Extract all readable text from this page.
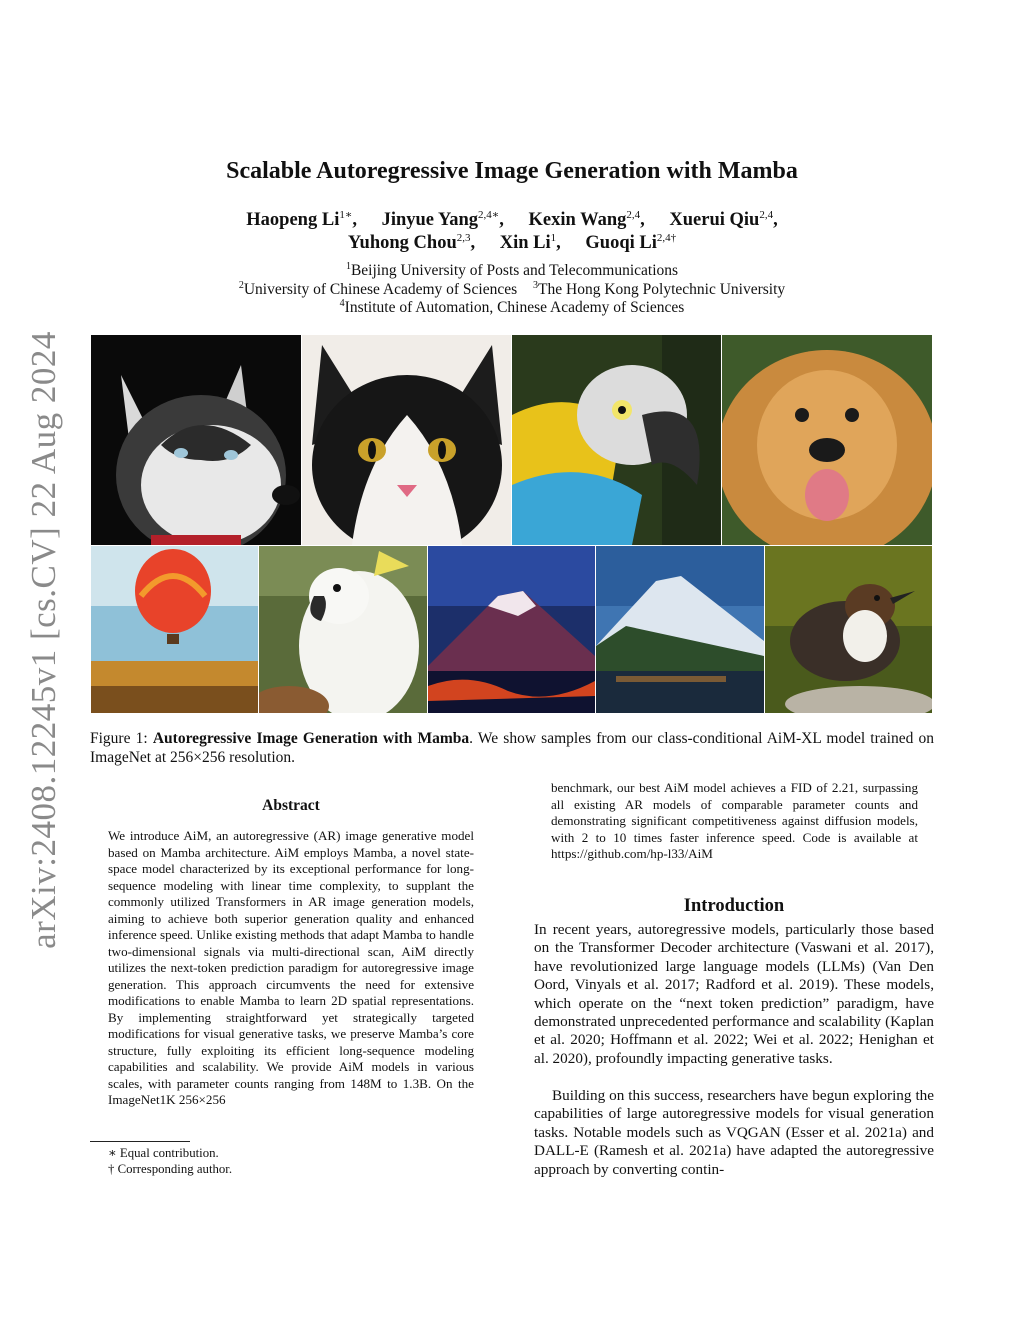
arXiv:2408.12245v1 [cs.CV] 22 Aug 2024
Scalable Autoregressive Image Generation with Mamba
Haopeng $Li^{1∗}$, Jinyue Yang$^{2,4∗}$, Kexin Wang$^{2,4}$, Xuerui Qiu$^{2,4}$,
Yuhong Chou$^{2,3}$, Xin Li$^1$, Guoqi $Li^{2,4\dagger}$
$^1$Beijing University of Posts and Telecommunications
$^2$University of Chinese Academy of Sciences $^3$The Hong Kong Polytechnic University
$^4$Institute of Automation, Chinese Academy of Sciences
Figure 1: Autoregressive Image Generation with Mamba. We show samples from our class-conditional AiM-XL model trained on ImageNet at 256×256 resolution.
Abstract
We introduce AiM, an autoregressive (AR) image generative model based on Mamba architecture. AiM employs Mamba, a novel state-space model characterized by its exceptional performance for long-sequence modeling with linear time complexity, to supplant the commonly utilized Transformers in AR image generation models, aiming to achieve both superior generation quality and enhanced inference speed. Unlike existing methods that adapt Mamba to handle two-dimensional signals via multi-directional scan, AiM directly utilizes the next-token prediction paradigm for autoregressive image generation. This approach circumvents the need for extensive modifications to enable Mamba to learn 2D spatial representations. By implementing straightforward yet strategically targeted modifications for visual generative tasks, we preserve Mamba’s core structure, fully exploiting its efficient long-sequence modeling capabilities and scalability. We provide AiM models in various scales, with parameter counts ranging from 148M to 1.3B. On the ImageNet1K 256×256
∗ Equal contribution.
† Corresponding author.
benchmark, our best AiM model achieves a FID of 2.21, surpassing all existing AR models of comparable parameter counts and demonstrating significant competitiveness against diffusion models, with 2 to 10 times faster inference speed. Code is available at https://github.com/hp-l33/AiM
Introduction
In recent years, autoregressive models, particularly those based on the Transformer Decoder architecture (Vaswani et al. 2017), have revolutionized large language models (LLMs) (Van Den Oord, Vinyals et al. 2017; Radford et al. 2019). These models, which operate on the “next token prediction” paradigm, have demonstrated unprecedented performance and scalability (Kaplan et al. 2020; Hoffmann et al. 2022; Wei et al. 2022; Henighan et al. 2020), profoundly impacting generative tasks.
Building on this success, researchers have begun exploring the capabilities of large autoregressive models for visual generation tasks. Notable models such as VQGAN (Esser et al. 2021a) and DALL-E (Ramesh et al. 2021a) have adapted the autoregressive approach by converting contin-
